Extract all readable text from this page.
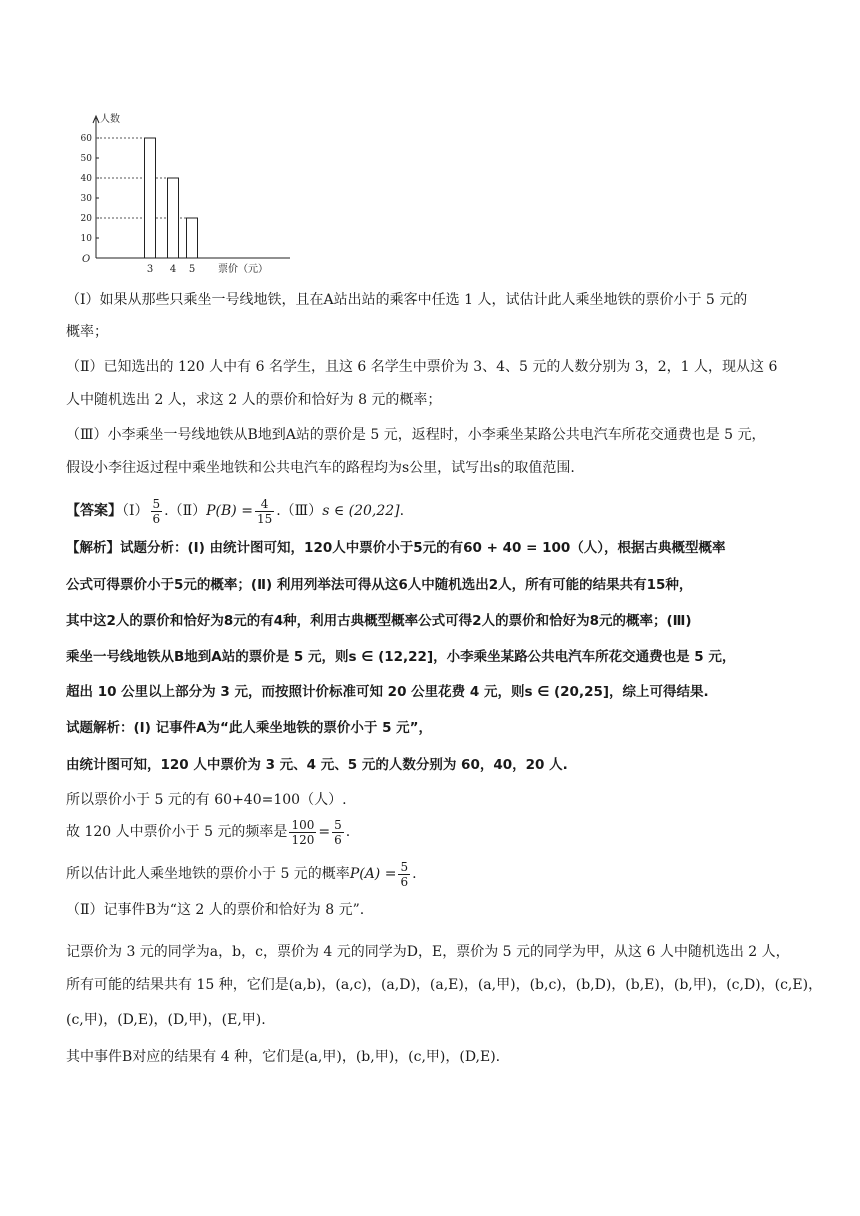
60
50
40
30
20
10
O
人数
3 4 5 票价（元）
（Ⅰ）如果从那些只乘坐一号线地铁，且在A站出站的乘客中任选 1 人，试估计此人乘坐地铁的票价小于 5 元的
概率；
（Ⅱ）已知选出的 120 人中有 6 名学生，且这 6 名学生中票价为 3、4、5 元的人数分别为 3，2，1 人，现从这 6
人中随机选出 2 人，求这 2 人的票价和恰好为 8 元的概率；
（Ⅲ）小李乘坐一号线地铁从B地到A站的票价是 5 元，返程时，小李乘坐某路公共电汽车所花交通费也是 5 元，
假设小李往返过程中乘坐地铁和公共电汽车的路程均为s公里，试写出s的取值范围.
【答案】（Ⅰ） $\frac{5}{6}$ .（Ⅱ）P(B) = $\frac{4}{15}$ .（Ⅲ）s ∈ (20,22].
【解析】试题分析：(Ⅰ) 由统计图可知，120人中票价小于5元的有60 + 40 = 100（人），根据古典概型概率
公式可得票价小于5元的概率；(Ⅱ) 利用列举法可得从这6人中随机选出2人，所有可能的结果共有15种，
其中这2人的票价和恰好为8元的有4种，利用古典概型概率公式可得2人的票价和恰好为8元的概率；(Ⅲ)
乘坐一号线地铁从B地到A站的票价是 5 元，则s ∈ (12,22]，小李乘坐某路公共电汽车所花交通费也是 5 元，
超出 10 公里以上部分为 3 元，而按照计价标准可知 20 公里花费 4 元，则s ∈ (20,25]，综上可得结果.
试题解析：(Ⅰ) 记事件A为“此人乘坐地铁的票价小于 5 元”，
由统计图可知，120 人中票价为 3 元、4 元、5 元的人数分别为 60，40，20 人.
所以票价小于 5 元的有 60+40=100（人）.
故 120 人中票价小于 5 元的频率是 $\frac{100}{120} = \frac{5}{6}$ .
所以估计此人乘坐地铁的票价小于 5 元的概率$P(A) = \frac{5}{6}$ .
（Ⅱ）记事件B为“这 2 人的票价和恰好为 8 元”.
记票价为 3 元的同学为a，b，c，票价为 4 元的同学为D，E，票价为 5 元的同学为甲，从这 6 人中随机选出 2 人，
所有可能的结果共有 15 种，它们是(a,b)，(a,c)，(a,D)，(a,E)，(a,甲)，(b,c)，(b,D)，(b,E)，(b,甲)，(c,D)，(c,E)，
(c,甲)，(D,E)，(D,甲)，(E,甲).
其中事件B对应的结果有 4 种，它们是(a,甲)，(b,甲)，(c,甲)，(D,E).
